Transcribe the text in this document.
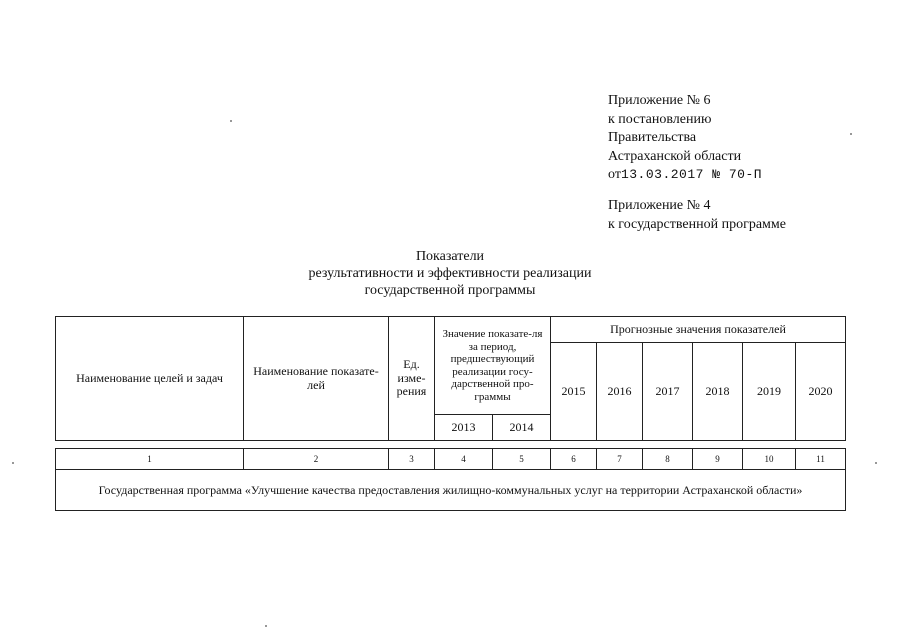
Приложение № 6
к постановлению
Правительства
Астраханской области
от13.03.2017 № 70-П
Приложение № 4
к государственной программе
Показатели
результативности и эффективности реализации
государственной программы
Наименование целей и задач	Наименование показате-лей	Ед. изме-рения	Значение показате-ля за период, предшествующий реализации госу-дарственной про-граммы		Прогнозные значения показателей					
					2015	2016	2017	2018	2019	2020
			2013	2014						
1	2	3	4	5	6	7	8	9	10	11
Государственная программа «Улучшение качества предоставления жилищно-коммунальных услуг на территории Астраханской области»
